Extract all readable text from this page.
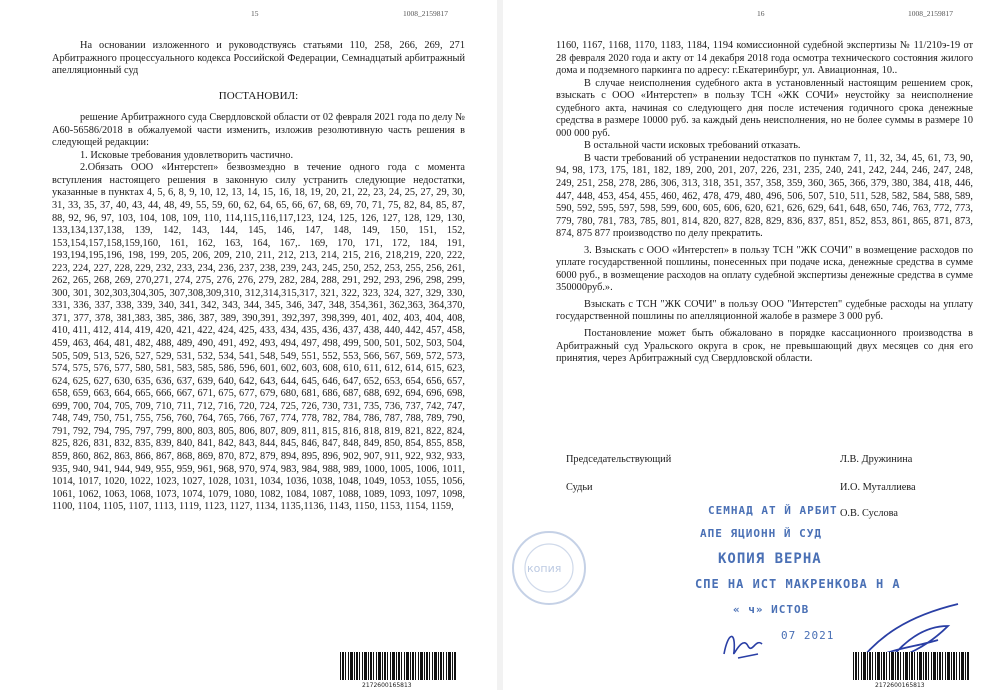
15	1008_2159817

На основании изложенного и руководствуясь статьями 110, 258, 266, 269, 271 Арбитражного процессуального кодекса Российской Федерации, Семнадцатый арбитражный апелляционный суд

ПОСТАНОВИЛ:

решение Арбитражного суда Свердловской области от 02 февраля 2021 года по делу № А60-56586/2018 в обжалуемой части изменить, изложив резолютивную часть решения в следующей редакции:

1. Исковые требования удовлетворить частично.

2.Обязать ООО «Интерстеп» безвозмездно в течение одного года с момента вступления настоящего решения в законную силу устранить следующие недостатки, указанные в пунктах 4, 5, 6, 8, 9, 10, 12, 13, 14, 15, 16, 18, 19, 20, 21, 22, 23, 24, 25, 27, 29, 30, 31, 33, 35, 37, 40, 43, 44, 48, 49, 55, 59, 60, 62, 64, 65, 66, 67, 68, 69, 70, 71, 75, 82, 84, 85, 87, 88, 92, 96, 97, 103, 104, 108, 109, 110, 114,115,116,117,123, 124, 125, 126, 127, 128, 129, 130, 133,134,137,138, 139, 142, 143, 144, 145, 146, 147, 148, 149, 150, 151, 152, 153,154,157,158,159,160, 161, 162, 163, 164, 167,. 169, 170, 171, 172, 184, 191, 193,194,195,196, 198, 199, 205, 206, 209, 210, 211, 212, 213, 214, 215, 216, 218,219, 220, 222, 223, 224, 227, 228, 229, 232, 233, 234, 236, 237, 238, 239, 243, 245, 250, 252, 253, 255, 256, 261, 262, 265, 268, 269, 270,271, 274, 275, 276, 276, 279, 282, 284, 288, 291, 292, 293, 296, 298, 299, 300, 301, 302,303,304,305, 307,308,309,310, 312,314,315,317, 321, 322, 323, 324, 327, 329, 330, 331, 336, 337, 338, 339, 340, 341, 342, 343, 344, 345, 346, 347, 348, 354,361, 362,363, 364,370, 371, 377, 378, 381,383, 385, 386, 387, 389, 390,391, 392,397, 398,399, 401, 402, 403, 404, 408, 410, 411, 412, 414, 419, 420, 421, 422, 424, 425, 433, 434, 435, 436, 437, 438, 440, 442, 457, 458, 459, 463, 464, 481, 482, 488, 489, 490, 491, 492, 493, 494, 497, 498, 499, 500, 501, 502, 503, 504, 505, 509, 513, 526, 527, 529, 531, 532, 534, 541, 548, 549, 551, 552, 553, 566, 567, 569, 572, 573, 574, 575, 576, 577, 580, 581, 583, 585, 586, 596, 601, 602, 603, 608, 610, 611, 612, 614, 615, 623, 624, 625, 627, 630, 635, 636, 637, 639, 640, 642, 643, 644, 645, 646, 647, 652, 653, 654, 656, 657, 658, 659, 663, 664, 665, 666, 667, 671, 675, 677, 679, 680, 681, 686, 687, 688, 692, 694, 696, 698, 699, 700, 704, 705, 709, 710, 711, 712, 716, 720, 724, 725, 726, 730, 731, 735, 736, 737, 742, 747, 748, 749, 750, 751, 755, 756, 760, 764, 765, 766, 767, 774, 778, 782, 784, 786, 787, 788, 789, 790, 791, 792, 794, 795, 797, 799, 800, 803, 805, 806, 807, 809, 811, 815, 816, 818, 819, 821, 822, 824, 825, 826, 831, 832, 835, 839, 840, 841, 842, 843, 844, 845, 846, 847, 848, 849, 850, 854, 855, 858, 859, 860, 862, 863, 866, 867, 868, 869, 870, 872, 879, 894, 895, 896, 902, 907, 911, 922, 932, 933, 935, 940, 941, 944, 949, 955, 959, 961, 968, 970, 974, 983, 984, 988, 989, 1000, 1005, 1006, 1011, 1014, 1017, 1020, 1022, 1023, 1027, 1028, 1031, 1034, 1036, 1038, 1048, 1049, 1053, 1055, 1056, 1061, 1062, 1063, 1068, 1073, 1074, 1079, 1080, 1082, 1084, 1087, 1088, 1089, 1093, 1097, 1098, 1100, 1104, 1105, 1107, 1113, 1119, 1123, 1127, 1134, 1135,1136, 1143, 1150, 1153, 1154, 1159,

2172600165813
16	1008_2159817

1160, 1167, 1168, 1170, 1183, 1184, 1194 комиссионной судебной экспертизы № 11/210э-19 от 28 февраля 2020 года и акту от 14 декабря 2018 года осмотра технического состояния жилого дома и подземного паркинга по адресу: г.Екатеринбург, ул. Авиационная, 10..

В случае неисполнения судебного акта в установленный настоящим решением срок, взыскать с ООО «Интерстеп» в пользу ТСН «ЖК СОЧИ» неустойку за неисполнение судебного акта, начиная со следующего дня после истечения годичного срока денежные средства в размере 10000 руб. за каждый день неисполнения, но не более суммы в размере 10 000 000 руб.

В остальной части исковых требований отказать.

В части требований об устранении недостатков по пунктам 7, 11, 32, 34, 45, 61, 73, 90, 94, 98, 173, 175, 181, 182, 189, 200, 201, 207, 226, 231, 235, 240, 241, 242, 244, 246, 247, 248, 249, 251, 258, 278, 286, 306, 313, 318, 351, 357, 358, 359, 360, 365, 366, 379, 380, 384, 418, 446, 447, 448, 453, 454, 455, 460, 462, 478, 479, 480, 496, 506, 507, 510, 511, 528, 582, 584, 588, 589, 590, 592, 595, 597, 598, 599, 600, 605, 606, 620, 621, 626, 629, 641, 648, 650, 746, 763, 772, 773, 779, 780, 781, 783, 785, 801, 814, 820, 827, 828, 829, 836, 837, 851, 852, 853, 861, 865, 871, 873, 874, 875 877 производство по делу прекратить.

3. Взыскать с ООО «Интерстеп» в пользу ТСН "ЖК СОЧИ" в возмещение расходов по уплате государственной пошлины, понесенных при подаче иска, денежные средства в сумме 6000 руб., в возмещение расходов на оплату судебной экспертизы денежные средства в сумме 350000руб.».

Взыскать с ТСН "ЖК СОЧИ" в пользу ООО "Интерстеп" судебные расходы на уплату государственной пошлины по апелляционной жалобе в размере 3 000 руб.

Постановление может быть обжаловано в порядке кассационного производства в Арбитражный суд Уральского округа в срок, не превышающий двух месяцев со дня его принятия, через Арбитражный суд Свердловской области.

Председательствующий	Л.В. Дружинина
Судьи	И.О. Муталлиева
О.В. Суслова
СЕМНАД АТ Й АРБИТ
АПЕ ЯЦИОНН Й СУД
КОПИЯ ВЕРНА
СПЕ НА ИСТ МАКРЕНКОВА Н А
« ч» ИСТОВ
07 2021
копия
2172600165813
